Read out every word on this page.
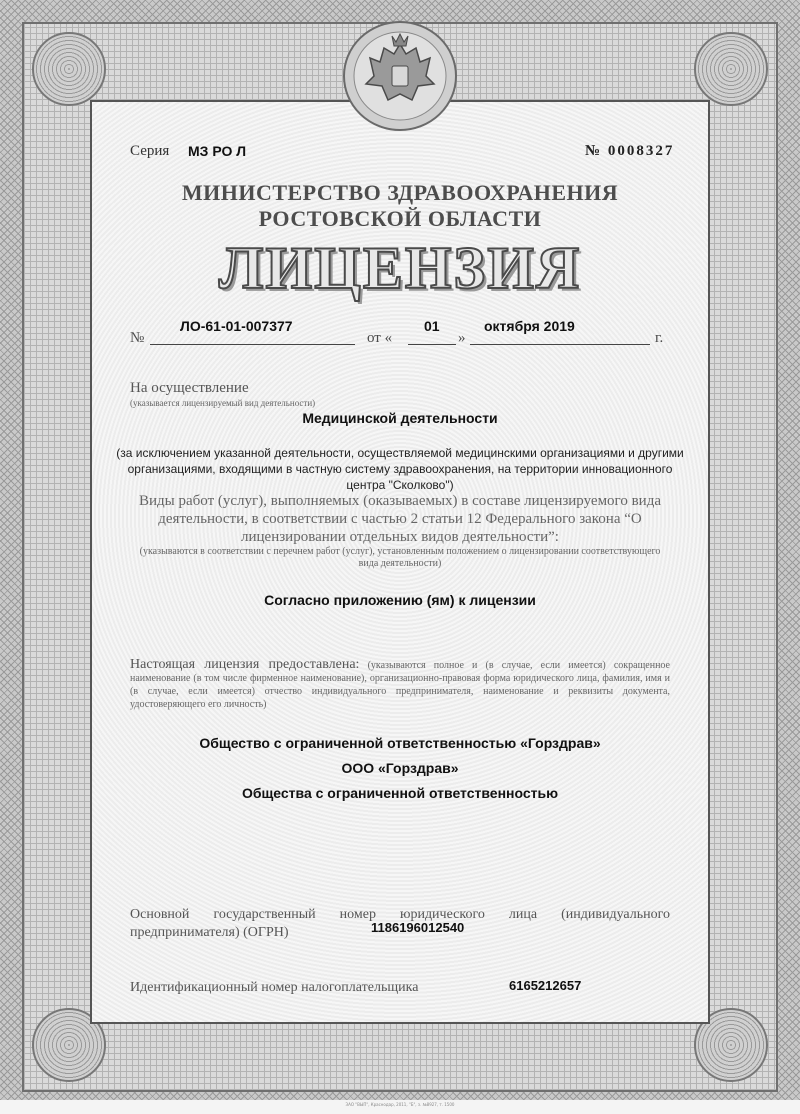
Серия МЗ РО Л	№ 0008327
МИНИСТЕРСТВО ЗДРАВООХРАНЕНИЯ
РОСТОВСКОЙ ОБЛАСТИ
ЛИЦЕНЗИЯ
№
ЛО-61-01-007377
от «
01
»
октября 2019
г.
На осуществление
(указывается лицензируемый вид деятельности)
Медицинской деятельности
(за исключением указанной деятельности, осуществляемой медицинскими организациями и другими организациями, входящими в частную систему здравоохранения, на территории инновационного центра "Сколково")
Виды работ (услуг), выполняемых (оказываемых) в составе лицензируемого вида деятельности, в соответствии с частью 2 статьи 12 Федерального закона “О лицензировании отдельных видов деятельности”:
(указываются в соответствии с перечнем работ (услуг), установленным положением о лицензировании соответствующего вида деятельности)
Согласно приложению (ям) к лицензии
Настоящая лицензия предоставлена: (указываются полное и (в случае, если имеется) сокращенное наименование (в том числе фирменное наименование), организационно-правовая форма юридического лица, фамилия, имя и (в случае, если имеется) отчество индивидуального предпринимателя, наименование и реквизиты документа, удостоверяющего его личность)
Общество с ограниченной ответственностью «Горздрав»
ООО «Горздрав»
Общества с ограниченной ответственностью
Основной государственный номер юридического лица (индивидуального предпринимателя) (ОГРН)	1186196012540
Идентификационный номер налогоплательщика	6165212657
ЗАО "ВЫП", Краснодар, 2011, "Б", з. №8927, т. 1500
